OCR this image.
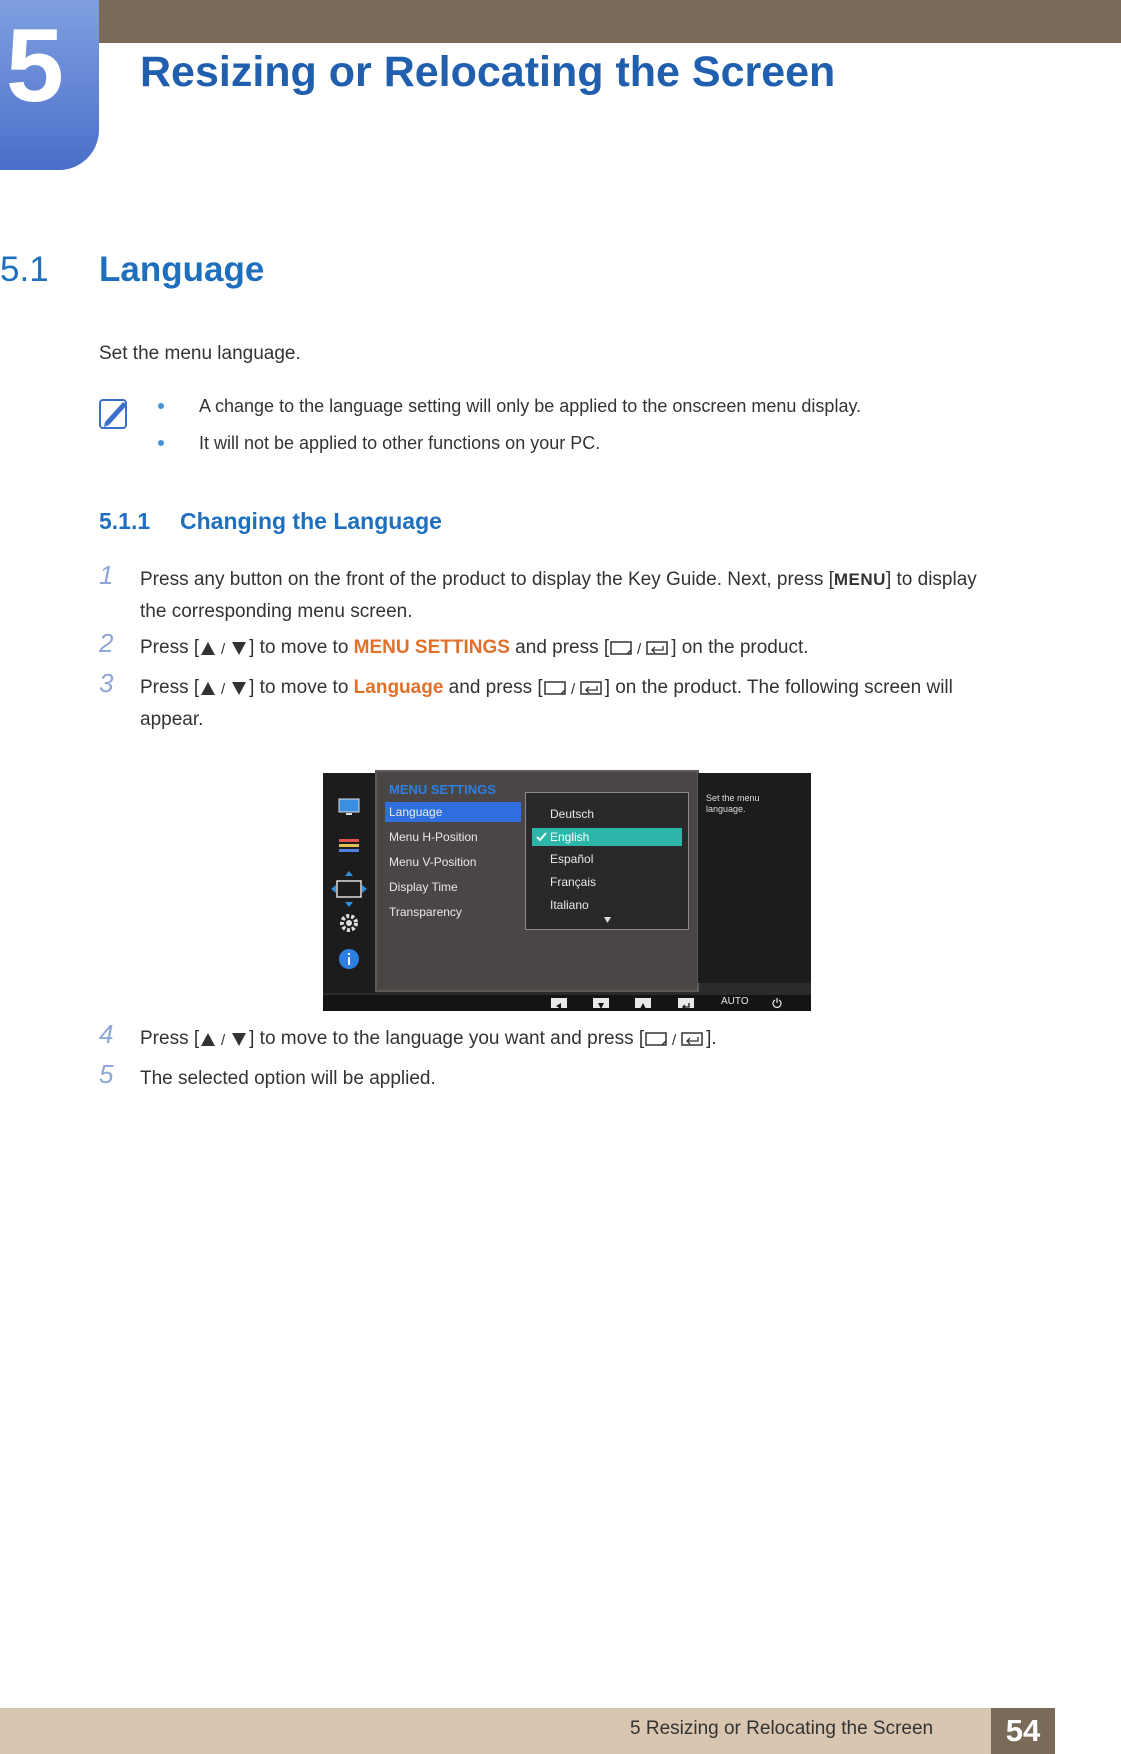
5 Resizing or Relocating the Screen
5.1 Language
Set the menu language.
A change to the language setting will only be applied to the onscreen menu display.
It will not be applied to other functions on your PC.
5.1.1 Changing the Language
1 Press any button on the front of the product to display the Key Guide. Next, press [MENU] to display
the corresponding menu screen.
2 Press [ / ] to move to MENU SETTINGS and press [ / ] on the product.
3 Press [ / ] to move to Language and press [ / ] on the product. The following screen will
appear.
MENU SETTINGS
Language
Menu H-Position
Menu V-Position
Display Time
Transparency
Deutsch
English
Español
Français
Italiano
Set the menu language.
AUTO
4 Press [ / ] to move to the language you want and press [ / ].
5 The selected option will be applied.
5 Resizing or Relocating the Screen	54
